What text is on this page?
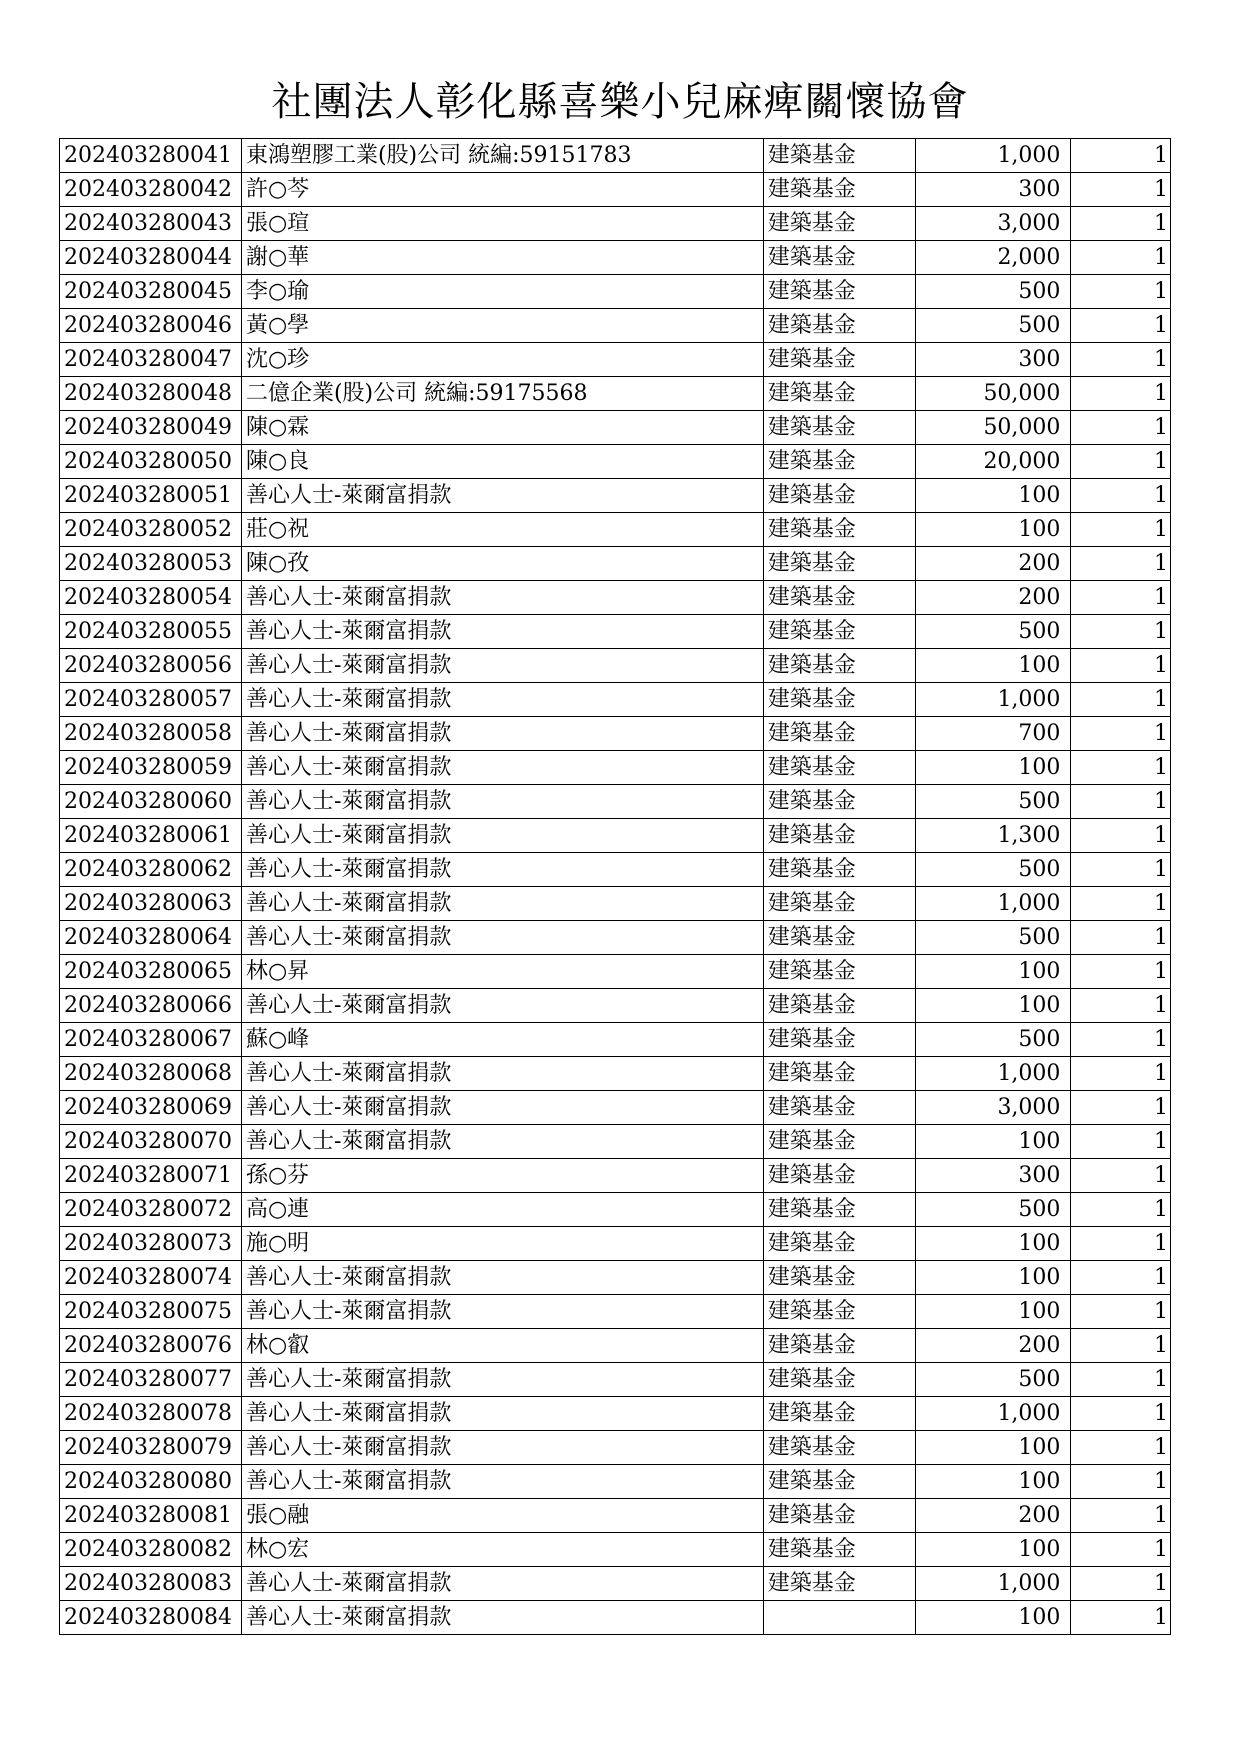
社團法人彰化縣喜樂小兒麻痺關懷協會
202403280041	東鴻塑膠工業(股)公司 統編:59151783	建築基金	1,000	1
202403280042	許○芩	建築基金	300	1
202403280043	張○瑄	建築基金	3,000	1
202403280044	謝○華	建築基金	2,000	1
202403280045	李○瑜	建築基金	500	1
202403280046	黃○學	建築基金	500	1
202403280047	沈○珍	建築基金	300	1
202403280048	二億企業(股)公司 統編:59175568	建築基金	50,000	1
202403280049	陳○霖	建築基金	50,000	1
202403280050	陳○良	建築基金	20,000	1
202403280051	善心人士-萊爾富捐款	建築基金	100	1
202403280052	莊○祝	建築基金	100	1
202403280053	陳○孜	建築基金	200	1
202403280054	善心人士-萊爾富捐款	建築基金	200	1
202403280055	善心人士-萊爾富捐款	建築基金	500	1
202403280056	善心人士-萊爾富捐款	建築基金	100	1
202403280057	善心人士-萊爾富捐款	建築基金	1,000	1
202403280058	善心人士-萊爾富捐款	建築基金	700	1
202403280059	善心人士-萊爾富捐款	建築基金	100	1
202403280060	善心人士-萊爾富捐款	建築基金	500	1
202403280061	善心人士-萊爾富捐款	建築基金	1,300	1
202403280062	善心人士-萊爾富捐款	建築基金	500	1
202403280063	善心人士-萊爾富捐款	建築基金	1,000	1
202403280064	善心人士-萊爾富捐款	建築基金	500	1
202403280065	林○昇	建築基金	100	1
202403280066	善心人士-萊爾富捐款	建築基金	100	1
202403280067	蘇○峰	建築基金	500	1
202403280068	善心人士-萊爾富捐款	建築基金	1,000	1
202403280069	善心人士-萊爾富捐款	建築基金	3,000	1
202403280070	善心人士-萊爾富捐款	建築基金	100	1
202403280071	孫○芬	建築基金	300	1
202403280072	高○連	建築基金	500	1
202403280073	施○明	建築基金	100	1
202403280074	善心人士-萊爾富捐款	建築基金	100	1
202403280075	善心人士-萊爾富捐款	建築基金	100	1
202403280076	林○叡	建築基金	200	1
202403280077	善心人士-萊爾富捐款	建築基金	500	1
202403280078	善心人士-萊爾富捐款	建築基金	1,000	1
202403280079	善心人士-萊爾富捐款	建築基金	100	1
202403280080	善心人士-萊爾富捐款	建築基金	100	1
202403280081	張○融	建築基金	200	1
202403280082	林○宏	建築基金	100	1
202403280083	善心人士-萊爾富捐款	建築基金	1,000	1
202403280084	善心人士-萊爾富捐款		100	1
